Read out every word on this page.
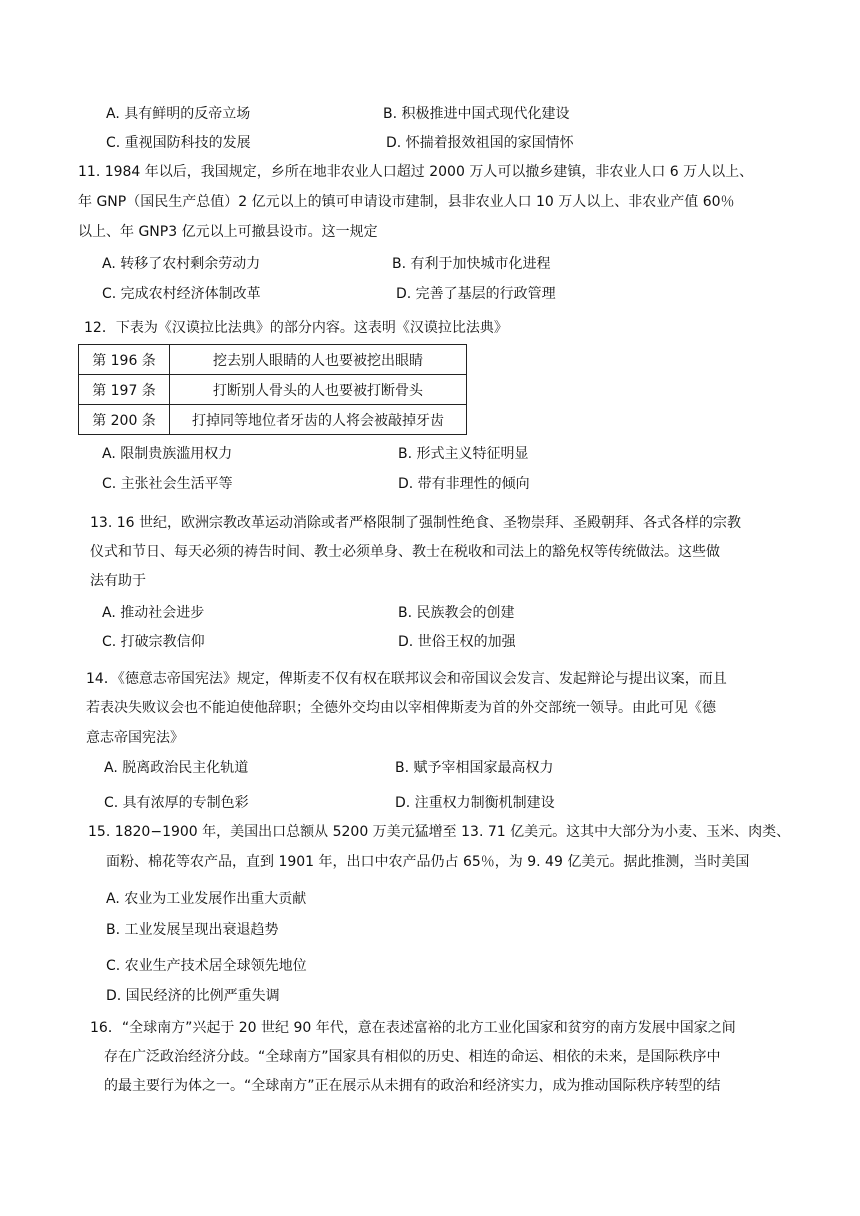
A. 具有鲜明的反帝立场	B. 积极推进中国式现代化建设
C. 重视国防科技的发展	D. 怀揣着报效祖国的家国情怀
11. 1984 年以后，我国规定，乡所在地非农业人口超过 2000 万人可以撤乡建镇，非农业人口 6 万人以上、
年 GNP（国民生产总值）2 亿元以上的镇可申请设市建制，县非农业人口 10 万人以上、非农业产值 60％
以上、年 GNP3 亿元以上可撤县设市。这一规定
A. 转移了农村剩余劳动力	B. 有利于加快城市化进程
C. 完成农村经济体制改革	D. 完善了基层的行政管理
12．下表为《汉谟拉比法典》的部分内容。这表明《汉谟拉比法典》
第 196 条	挖去别人眼睛的人也要被挖出眼睛
第 197 条	打断别人骨头的人也要被打断骨头
第 200 条	打掉同等地位者牙齿的人将会被敲掉牙齿
A. 限制贵族滥用权力	B. 形式主义特征明显
C. 主张社会生活平等	D. 带有非理性的倾向
13. 16 世纪，欧洲宗教改革运动消除或者严格限制了强制性绝食、圣物崇拜、圣殿朝拜、各式各样的宗教
仪式和节日、每天必须的祷告时间、教士必须单身、教士在税收和司法上的豁免权等传统做法。这些做
法有助于
A. 推动社会进步	B. 民族教会的创建
C. 打破宗教信仰	D. 世俗王权的加强
14．《德意志帝国宪法》规定，俾斯麦不仅有权在联邦议会和帝国议会发言、发起辩论与提出议案，而且
若表决失败议会也不能迫使他辞职；全德外交均由以宰相俾斯麦为首的外交部统一领导。由此可见《德
意志帝国宪法》
A. 脱离政治民主化轨道	B. 赋予宰相国家最高权力
C. 具有浓厚的专制色彩	D. 注重权力制衡机制建设
15. 1820−1900 年，美国出口总额从 5200 万美元猛增至 13. 71 亿美元。这其中大部分为小麦、玉米、肉类、
面粉、棉花等农产品，直到 1901 年，出口中农产品仍占 65％，为 9. 49 亿美元。据此推测，当时美国
A. 农业为工业发展作出重大贡献
B. 工业发展呈现出衰退趋势
C. 农业生产技术居全球领先地位
D. 国民经济的比例严重失调
16．“全球南方”兴起于 20 世纪 90 年代，意在表述富裕的北方工业化国家和贫穷的南方发展中国家之间
存在广泛政治经济分歧。“全球南方”国家具有相似的历史、相连的命运、相依的未来，是国际秩序中
的最主要行为体之一。“全球南方”正在展示从未拥有的政治和经济实力，成为推动国际秩序转型的结
